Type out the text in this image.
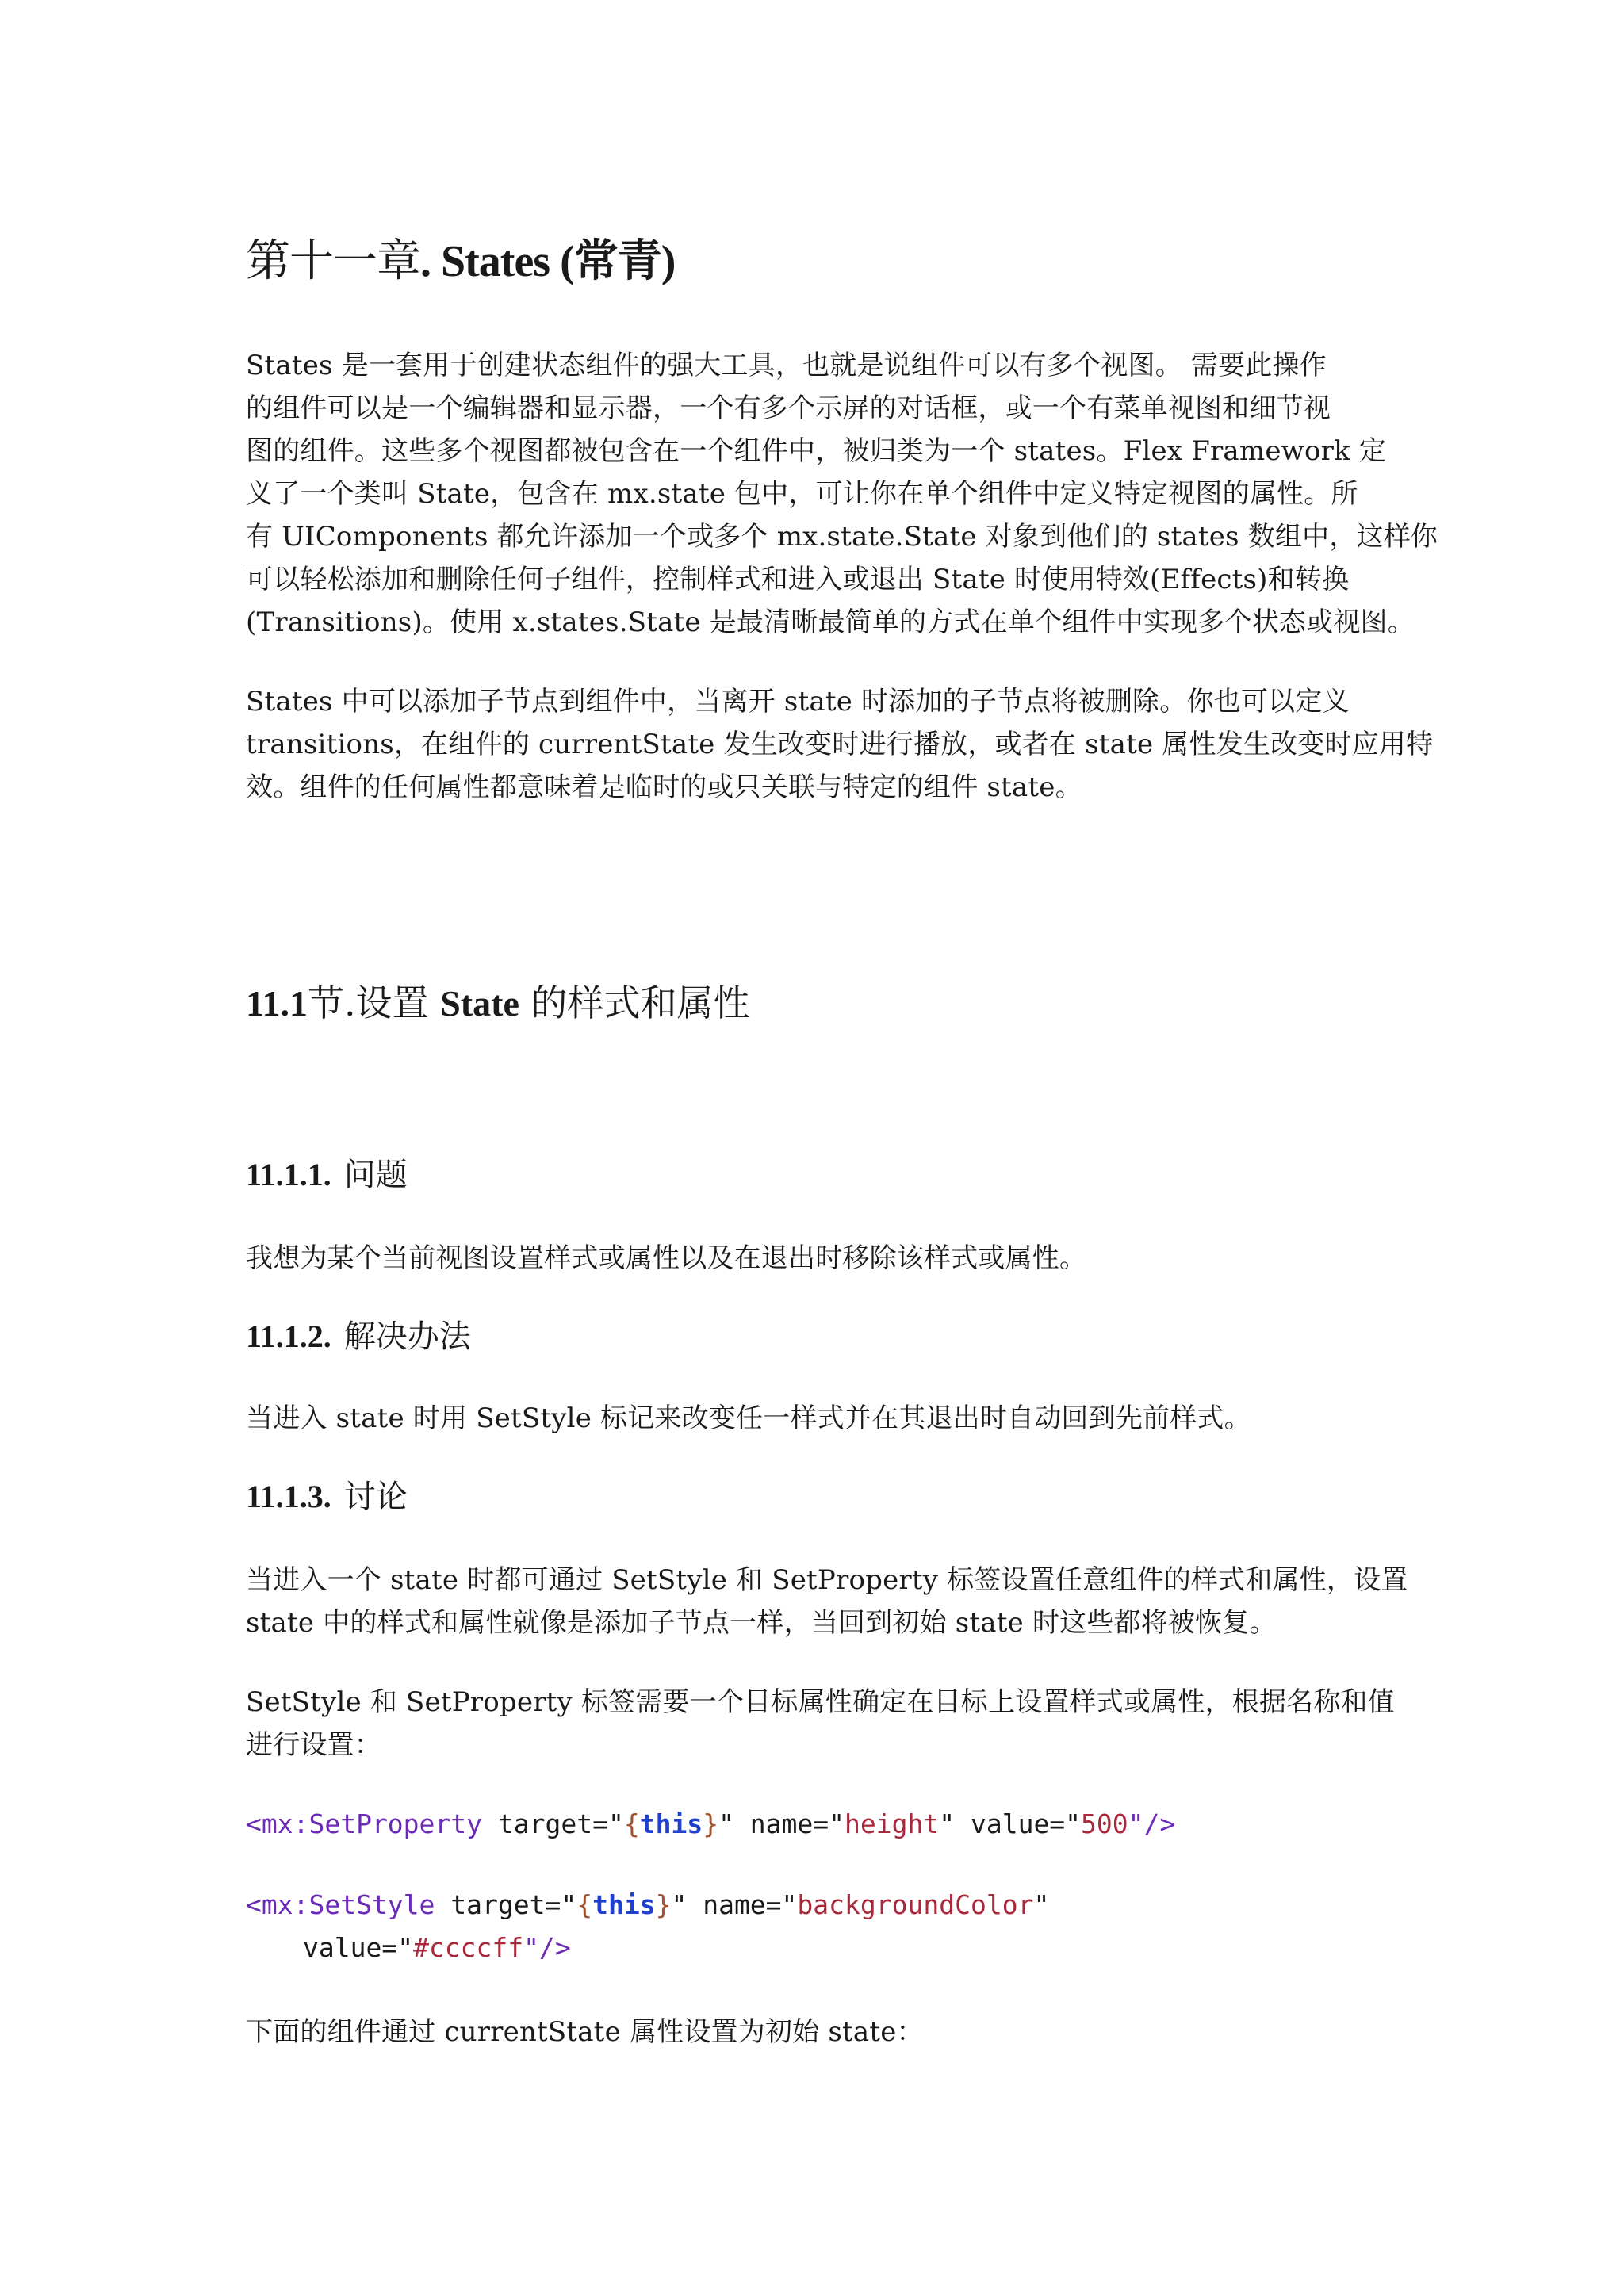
第十一章. States (常青)
States 是一套用于创建状态组件的强大工具，也就是说组件可以有多个视图。 需要此操作
的组件可以是一个编辑器和显示器，一个有多个示屏的对话框，或一个有菜单视图和细节视
图的组件。这些多个视图都被包含在一个组件中，被归类为一个 states。Flex Framework 定
义了一个类叫 State，包含在 mx.state 包中，可让你在单个组件中定义特定视图的属性。所
有 UIComponents 都允许添加一个或多个 mx.state.State 对象到他们的 states 数组中，这样你
可以轻松添加和删除任何子组件，控制样式和进入或退出 State 时使用特效(Effects)和转换
(Transitions)。使用 x.states.State 是最清晰最简单的方式在单个组件中实现多个状态或视图。
States 中可以添加子节点到组件中，当离开 state 时添加的子节点将被删除。你也可以定义
transitions，在组件的 currentState 发生改变时进行播放，或者在 state 属性发生改变时应用特
效。组件的任何属性都意味着是临时的或只关联与特定的组件 state。
11.1节.设置 State 的样式和属性
11.1.1. 问题
我想为某个当前视图设置样式或属性以及在退出时移除该样式或属性。
11.1.2. 解决办法
当进入 state 时用 SetStyle 标记来改变任一样式并在其退出时自动回到先前样式。
11.1.3. 讨论
当进入一个 state 时都可通过 SetStyle 和 SetProperty 标签设置任意组件的样式和属性，设置
state 中的样式和属性就像是添加子节点一样，当回到初始 state 时这些都将被恢复。
SetStyle 和 SetProperty 标签需要一个目标属性确定在目标上设置样式或属性，根据名称和值
进行设置：
<mx:SetProperty target="{this}" name="height" value="500"/>
<mx:SetStyle target="{this}" name="backgroundColor"
value="#ccccff"/>
下面的组件通过 currentState 属性设置为初始 state：
